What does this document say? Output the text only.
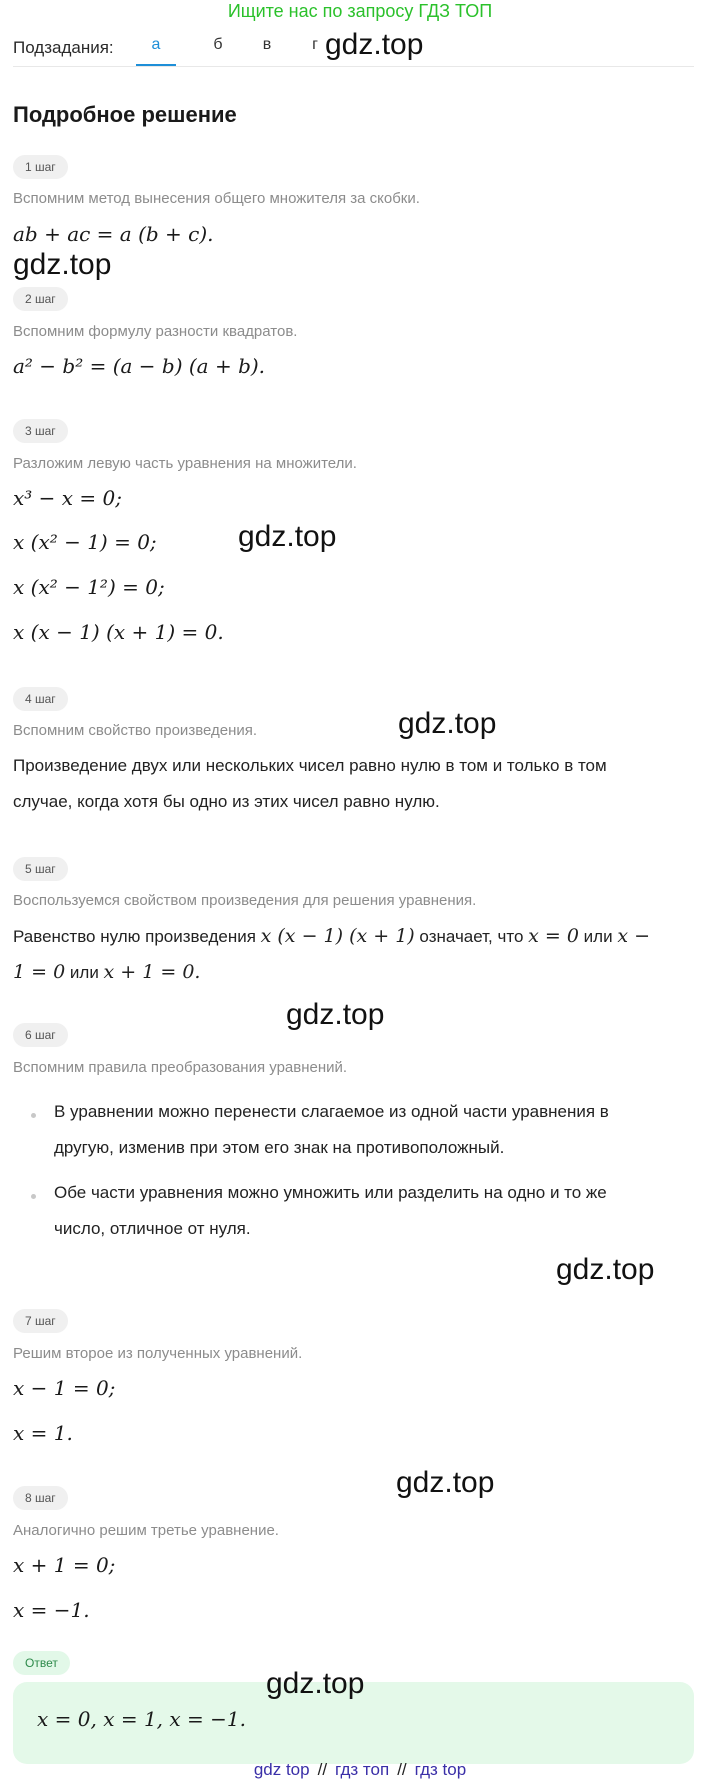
Ищите нас по запросу ГДЗ ТОП
Подзадания:	а	б	в	г
Подробное решение
1 шаг
Вспомним метод вынесения общего множителя за скобки.
ab + ac = a (b + c).
2 шаг
Вспомним формулу разности квадратов.
a² − b² = (a − b) (a + b).
3 шаг
Разложим левую часть уравнения на множители.
x³ − x = 0;
x (x² − 1) = 0;
x (x² − 1²) = 0;
x (x − 1) (x + 1) = 0.
4 шаг
Вспомним свойство произведения.
Произведение двух или нескольких чисел равно нулю в том и только в том
случае, когда хотя бы одно из этих чисел равно нулю.
5 шаг
Воспользуемся свойством произведения для решения уравнения.
Равенство нулю произведения x (x − 1) (x + 1) означает, что x = 0 или x −
1 = 0 или x + 1 = 0.
6 шаг
Вспомним правила преобразования уравнений.
В уравнении можно перенести слагаемое из одной части уравнения в
другую, изменив при этом его знак на противоположный.
Обе части уравнения можно умножить или разделить на одно и то же
число, отличное от нуля.
7 шаг
Решим второе из полученных уравнений.
x − 1 = 0;
x = 1.
8 шаг
Аналогично решим третье уравнение.
x + 1 = 0;
x = −1.
Ответ
x = 0, x = 1, x = −1.
gdz.top
gdz.top
gdz.top
gdz.top
gdz.top
gdz.top
gdz.top
gdz.top
gdz top // гдз топ // гдз top
